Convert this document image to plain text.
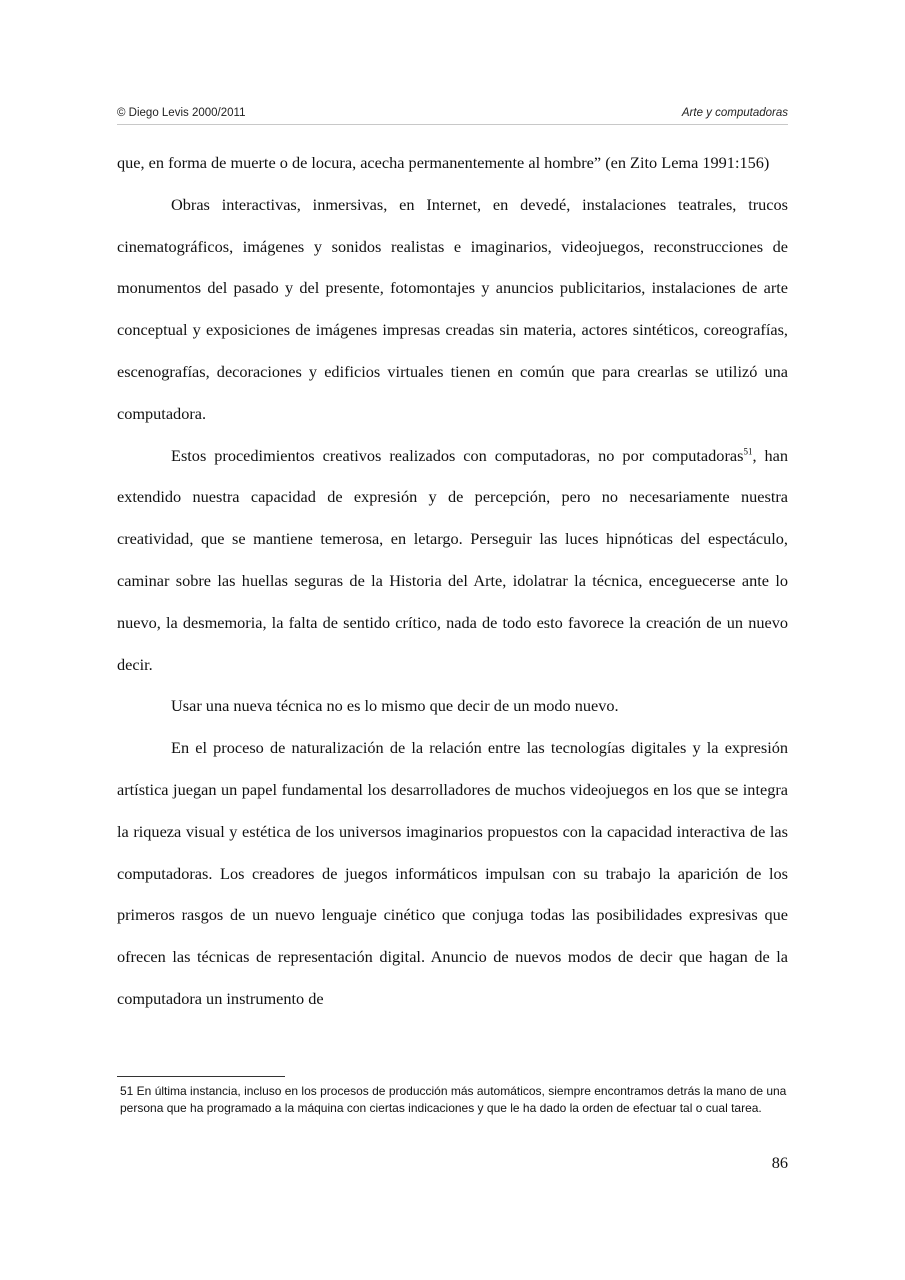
© Diego Levis 2000/2011	Arte y computadoras

que, en forma de muerte o de locura, acecha permanentemente al hombre” (en Zito Lema 1991:156)

Obras interactivas, inmersivas, en Internet, en devedé, instalaciones teatrales, trucos cinematográficos, imágenes y sonidos realistas e imaginarios, videojuegos, reconstrucciones de monumentos del pasado y del presente, fotomontajes y anuncios publicitarios, instalaciones de arte conceptual y exposiciones de imágenes impresas creadas sin materia, actores sintéticos, coreografías, escenografías, decoraciones y edificios virtuales tienen en común que para crearlas se utilizó una computadora.

Estos procedimientos creativos realizados con computadoras, no por computadoras$^{51}$, han extendido nuestra capacidad de expresión y de percepción, pero no necesariamente nuestra creatividad, que se mantiene temerosa, en letargo. Perseguir las luces hipnóticas del espectáculo, caminar sobre las huellas seguras de la Historia del Arte, idolatrar la técnica, enceguecerse ante lo nuevo, la desmemoria, la falta de sentido crítico, nada de todo esto favorece la creación de un nuevo decir.

Usar una nueva técnica no es lo mismo que decir de un modo nuevo.

En el proceso de naturalización de la relación entre las tecnologías digitales y la expresión artística juegan un papel fundamental los desarrolladores de muchos videojuegos en los que se integra la riqueza visual y estética de los universos imaginarios propuestos con la capacidad interactiva de las computadoras. Los creadores de juegos informáticos impulsan con su trabajo la aparición de los primeros rasgos de un nuevo lenguaje cinético que conjuga todas las posibilidades expresivas que ofrecen las técnicas de representación digital. Anuncio de nuevos modos de decir que hagan de la computadora un instrumento de

51 En última instancia, incluso en los procesos de producción más automáticos, siempre encontramos detrás la mano de una persona que ha programado a la máquina con ciertas indicaciones y que le ha dado la orden de efectuar tal o cual tarea.
86
